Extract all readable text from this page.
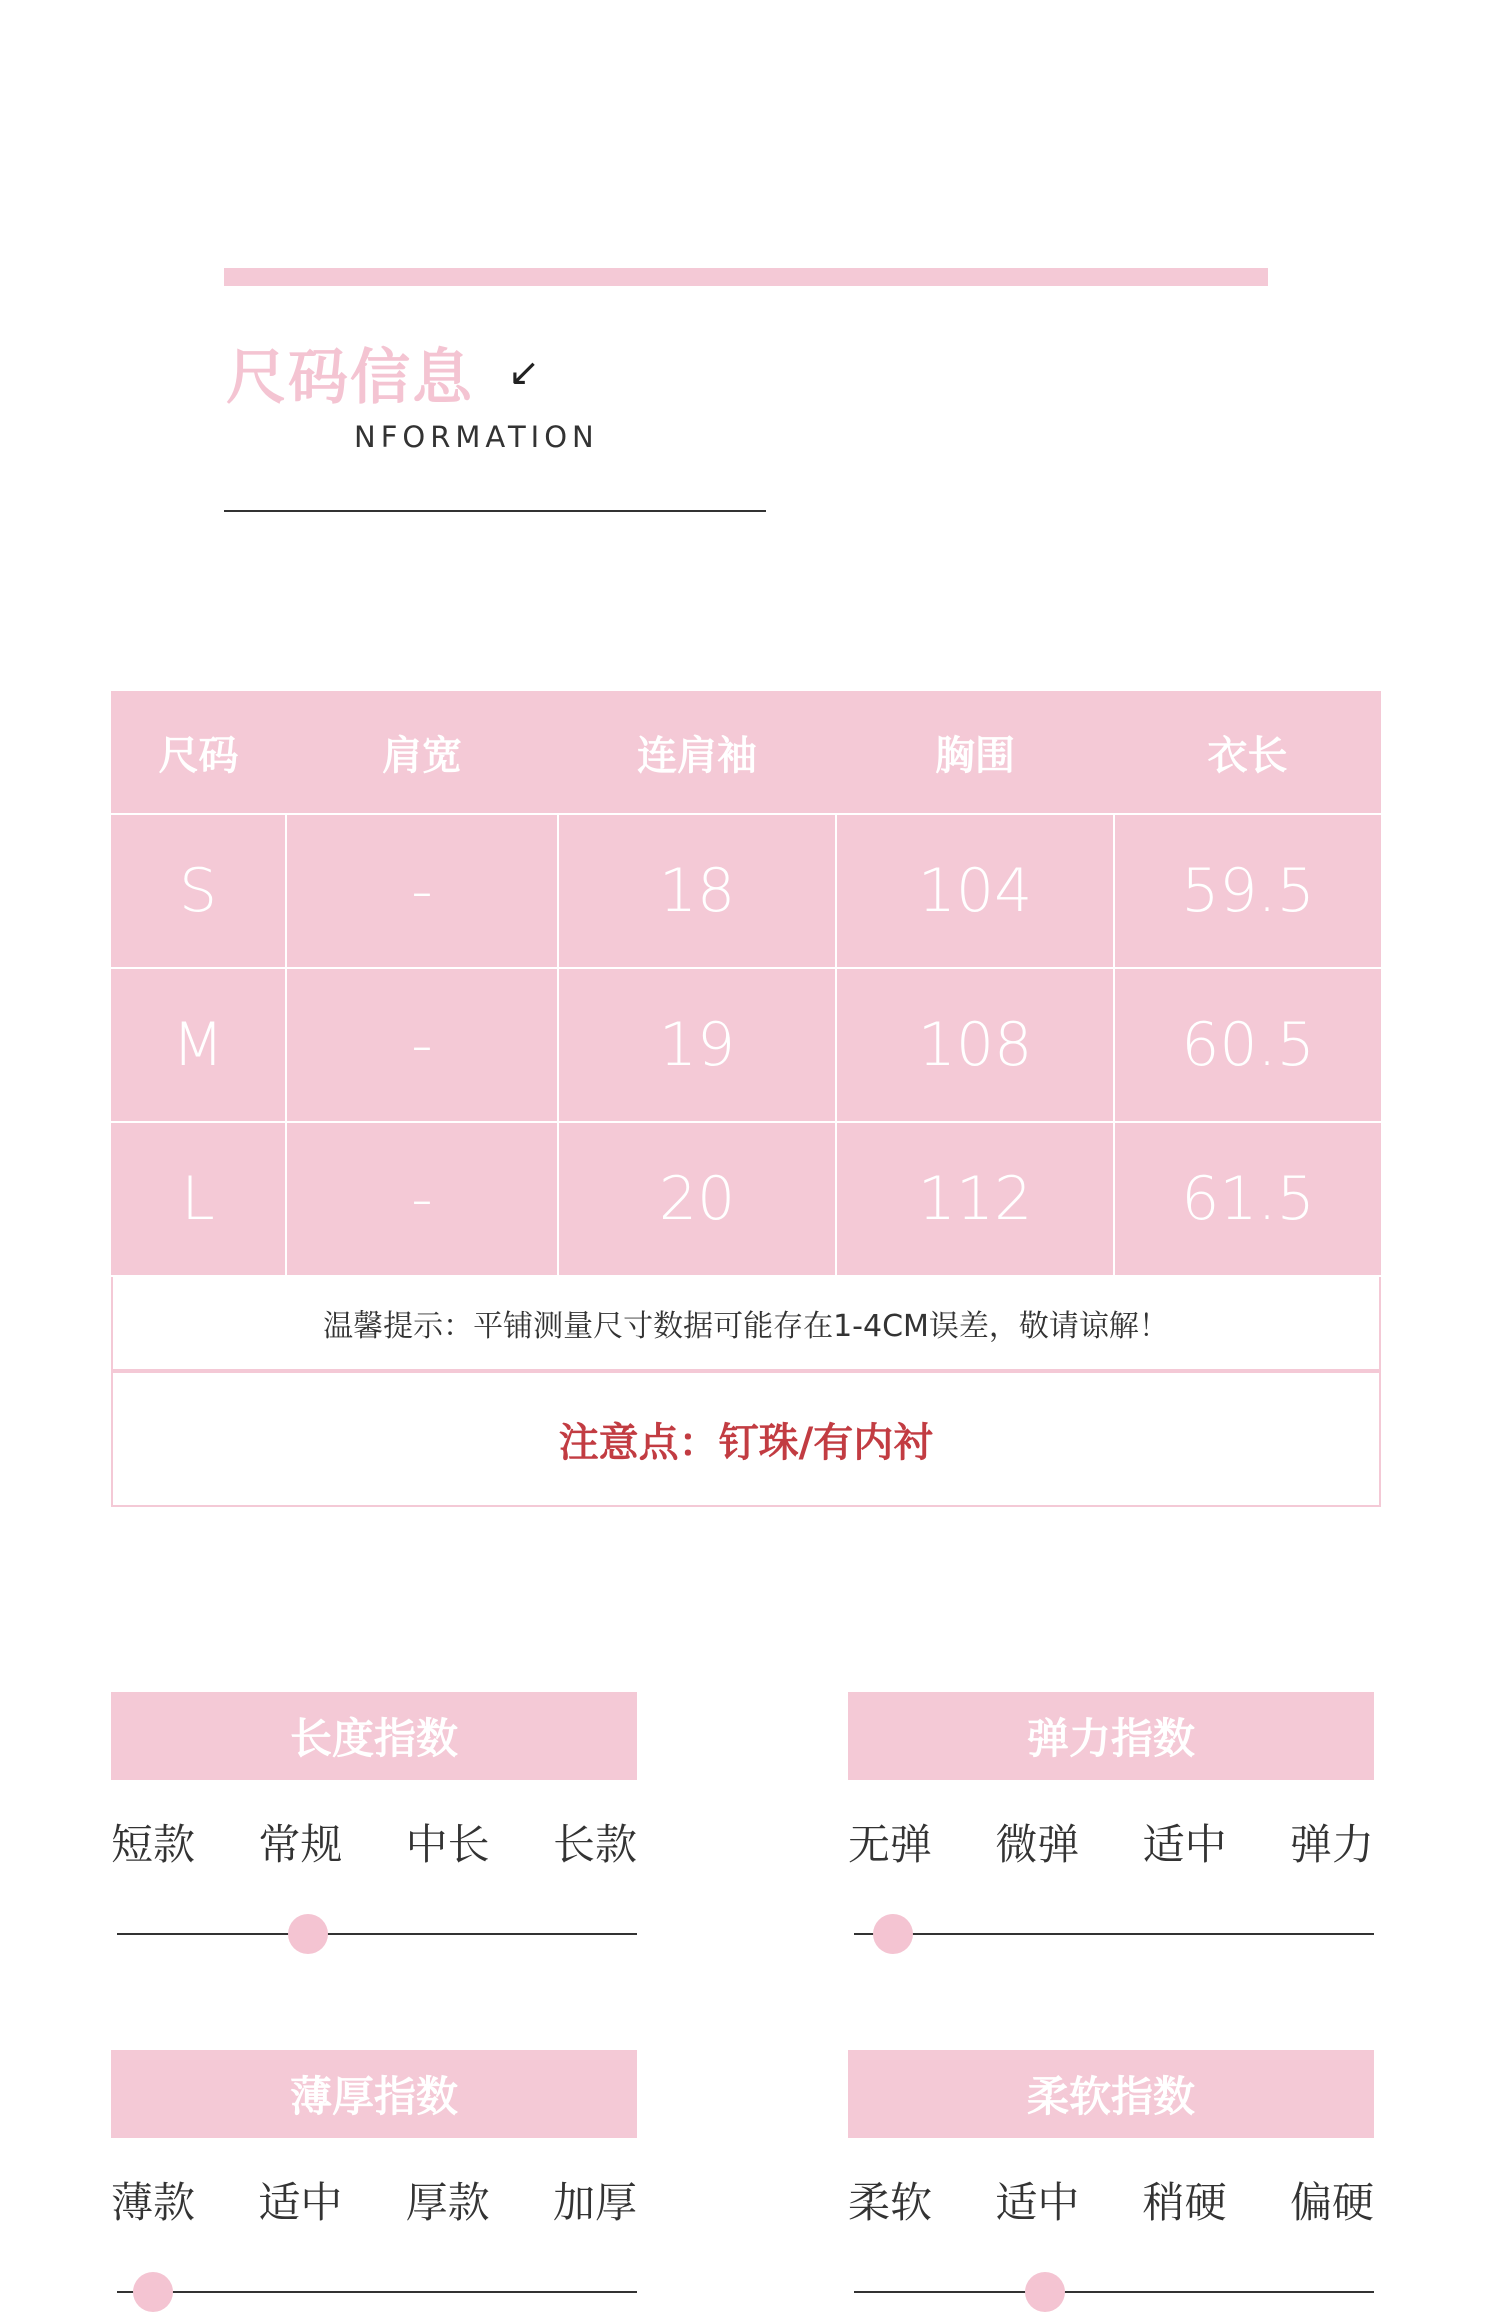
尺码信息 ↙
NFORMATION
尺码	肩宽	连肩袖	胸围	衣长
S	-	18	104	59.5
M	-	19	108	60.5
L	-	20	112	61.5
温馨提示：平铺测量尺寸数据可能存在1-4CM误差，敬请谅解！
注意点：钉珠/有内衬
长度指数
短款 常规 中长 长款
弹力指数
无弹 微弹 适中 弹力
薄厚指数
薄款 适中 厚款 加厚
柔软指数
柔软 适中 稍硬 偏硬
